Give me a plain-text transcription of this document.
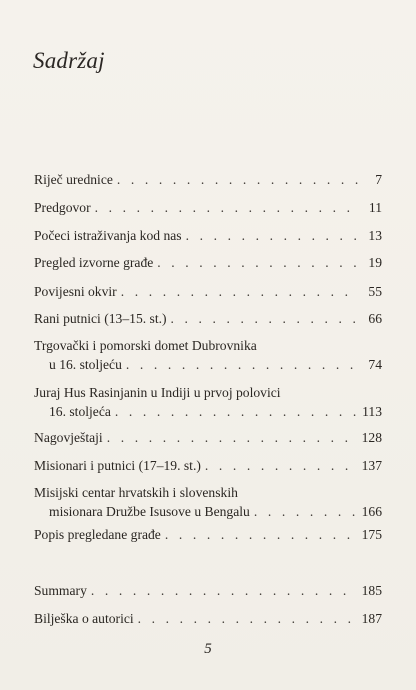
Sadržaj
Riječ urednice . . .	7
Predgovor . . .	11
Počeci istraživanja kod nas . . .	13
Pregled izvorne građe . . .	19
Povijesni okvir . . .	55
Rani putnici (13–15. st.) . . .	66
Trgovački i pomorski domet Dubrovnika
u 16. stoljeću . . .	74
Juraj Hus Rasinjanin u Indiji u prvoj polovici
16. stoljeća . . .	113
Nagovještaji . . .	128
Misionari i putnici (17–19. st.) . . .	137
Misijski centar hrvatskih i slovenskih
misionara Družbe Isusove u Bengalu . . .	166
Popis pregledane građe . . .	175
Summary . . .	185
Bilješka o autorici . . .	187
5
